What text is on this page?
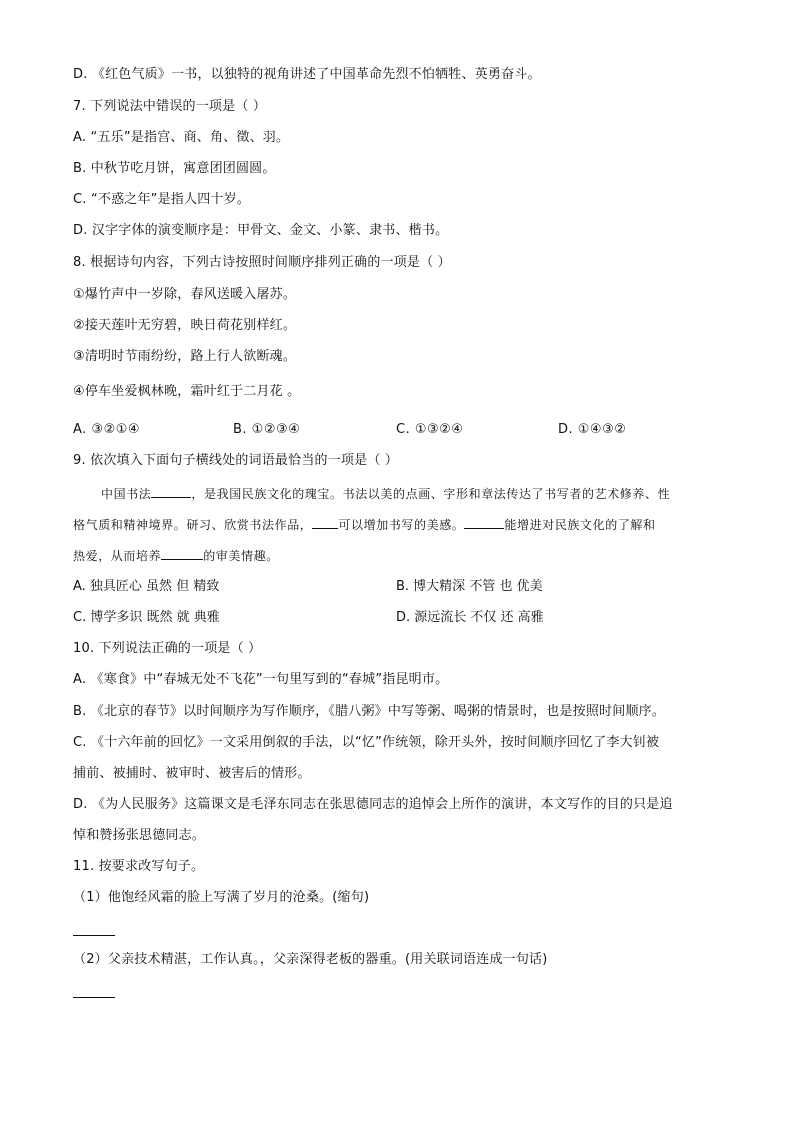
D. 《红色气质》一书，以独特的视角讲述了中国革命先烈不怕牺牲、英勇奋斗。
7. 下列说法中错误的一项是（ ）
A. “五乐”是指宫、商、角、徵、羽。
B. 中秋节吃月饼，寓意团团圆圆。
C. “不惑之年”是指人四十岁。
D. 汉字字体的演变顺序是：甲骨文、金文、小篆、隶书、楷书。
8. 根据诗句内容，下列古诗按照时间顺序排列正确的一项是（ ）
①爆竹声中一岁除，春风送暖入屠苏。
②接天莲叶无穷碧，映日荷花别样红。
③清明时节雨纷纷，路上行人欲断魂。
④停车坐爱枫林晚，霜叶红于二月花 。
A. ③②①④	B. ①②③④	C. ①③②④	D. ①④③②
9. 依次填入下面句子横线处的词语最恰当的一项是（ ）
中国书法	，是我国民族文化的瑰宝。书法以美的点画、字形和章法传达了书写者的艺术修养、性
格气质和精神境界。研习、欣赏书法作品， 可以增加书写的美感。	能增进对民族文化的了解和
热爱，从而培养	的审美情趣。
A. 独具匠心 虽然 但 精致	B. 博大精深 不管 也 优美
C. 博学多识 既然 就 典雅	D. 源远流长 不仅 还 高雅
10. 下列说法正确的一项是（ ）
A. 《寒食》中“春城无处不飞花”一句里写到的“春城”指昆明市。
B. 《北京的春节》以时间顺序为写作顺序，《腊八粥》中写等粥、喝粥的情景时，也是按照时间顺序。
C. 《十六年前的回忆》一文采用倒叙的手法，以“忆”作统领，除开头外，按时间顺序回忆了李大钊被
捕前、被捕时、被审时、被害后的情形。
D. 《为人民服务》这篇课文是毛泽东同志在张思德同志的追悼会上所作的演讲，本文写作的目的只是追
悼和赞扬张思德同志。
11. 按要求改写句子。
（1）他饱经风霜的脸上写满了岁月的沧桑。(缩句)
（2）父亲技术精湛，工作认真。，父亲深得老板的器重。(用关联词语连成一句话)
